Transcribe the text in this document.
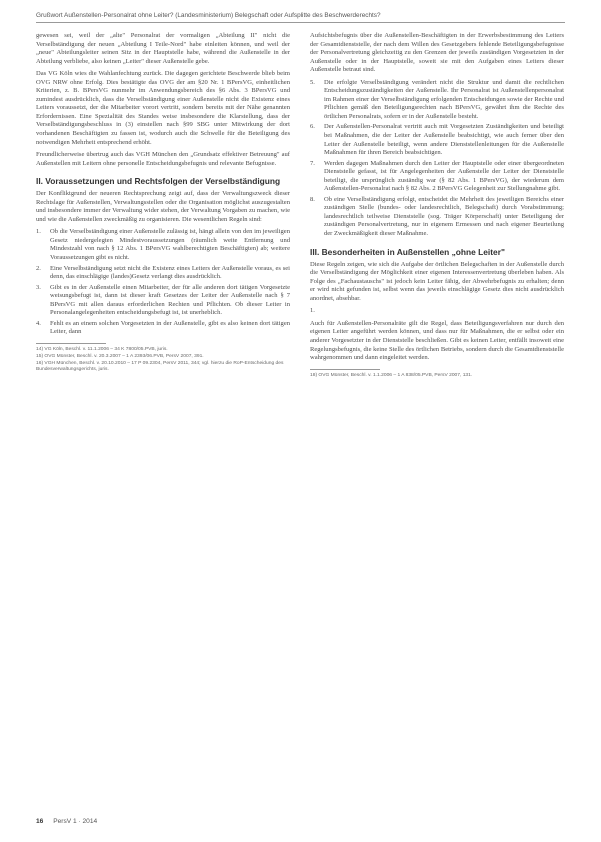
Grußwort Außenstellen-Personalrat ohne Leiter? (Landesministerium) Belegschaft oder Aufsplitte des Beschwerderechts?

gewesen sei, weil der „alte" Personalrat der vormaligen „Abteilung II" nicht die Verselbständigung der neuen „Abteilung I Teile-Nord" habe einleiten können, und weil der „neue" Abteilungsleiter seinen Sitz in der Hauptstelle habe, während die Außenstelle in der Abteilung verbliebe, also keinen „Leiter" dieser Außenstelle gebe.

Das VG Köln wies die Wahlanfechtung zurück. Die dagegen gerichtete Beschwerde blieb beim OVG NRW ohne Erfolg. Dies bestätigte das OVG der am §20 Nr. 1 BPersVG, einheitlichen Kriterien, z. B. BPersVG nunmehr im Anwendungsbereich des §6 Abs. 3 BPersVG und zumindest ausdrücklich, dass die Verselbständigung einer Außenstelle nicht die Existenz eines Leiters voraussetzt, der die Mitarbeiter vorort vertritt, sondern bereits mit der Nähe genannten Erfordernissen. Eine Spezialität des Standes weise insbesondere die Klarstellung, dass der Verselbständigungsbeschluss in (3) einstellen nach §99 SBG unter Mitwirkung der dort vorhandenen Beschäftigten zu fassen ist, wodurch auch die Schwelle für die Beteiligung des notwendigen Mehrheit entsprechend erhöht.

Freundlicherweise übertrug auch das VGH München den „Grundsatz effektiver Betreuung" auf Außenstellen mit Leitern ohne personelle Entscheidungsbefugnis und relevante Befugnisse.

II. Voraussetzungen und Rechtsfolgen der Verselbständigung

Der Konfliktgrund der neueren Rechtsprechung zeigt auf, dass der Verwaltungszweck dieser Rechtslage für Außenstellen, Verwaltungsstellen oder die Organisation möglichst auszugestalten und insbesondere immer der Verwaltung wider stehen, der Verwaltung Vorgaben zu machen, wie und wie die Außenstellen zweckmäßig zu organisieren. Die wesentlichen Regeln sind:

1.	Ob die Verselbständigung einer Außenstelle zulässig ist, hängt allein von den im jeweiligen Gesetz niedergelegten Mindestvoraussetzungen (räumlich weite Entfernung und Mindestzahl von nach § 12 Abs. 1 BPersVG wahlberechtigten Beschäftigten) ab; weitere Voraussetzungen gibt es nicht.
2.	Eine Verselbständigung setzt nicht die Existenz eines Leiters der Außenstelle voraus, es sei denn, das einschlägige (landes)Gesetz verlangt dies ausdrücklich.
3.	Gibt es in der Außenstelle einen Mitarbeiter, der für alle anderen dort tätigen Vorgesetzte weisungsbefugt ist, dann ist dieser kraft Gesetzes der Leiter der Außenstelle nach § 7 BPersVG mit allen daraus erforderlichen Rechten und Pflichten. Ob dieser Leiter in Personalangelegenheiten entscheidungsbefugt ist, ist unerheblich.
4.	Fehlt es an einem solchen Vorgesetzten in der Außenstelle, gibt es also keinen dort tätigen Leiter, dann

14) VG Köln, Beschl. v. 11.1.2006 – 34 K 7800/05.PVB, juris.

15) OVG Münster, Beschl. v. 20.3.2007 – 1 A 2393/06.PVB, PersV 2007, 391.

16) VGH München, Beschl. v. 20.10.2010 – 17 P 09.2304, PersV 2011, 344; vgl. hierzu die RoP-Entscheidung des Bundesverwaltungsgerichts, juris.

Aufsichtsbefugnis über die Außenstellen-Beschäftigten in der Erwerbsbestimmung des Leiters der Gesamtdienststelle, der nach dem Willen des Gesetzgebers fehlende Beteiligungsbefugnisse der Personalvertretung gleichzeitig zu den Grenzen der jeweils zuständigen Vorgesetzten in der Außenstelle oder in der Hauptstelle, soweit sie mit den Aufgaben eines Leiters dieser Außenstelle betraut sind.

5.	Die erfolgte Verselbständigung verändert nicht die Struktur und damit die rechtlichen Entscheidungszuständigkeiten der Außenstelle. Ihr Personalrat ist Außenstellenpersonalrat im Rahmen einer der Verselbständigung erfolgenden Entscheidungen sowie der Rechte und Pflichten gemäß den Beteiligungsrechten nach BPersVG, gewährt ihm die Rechte des örtlichen Personalrats, sofern er in der Außenstelle besteht.
6.	Der Außenstellen-Personalrat vertritt auch mit Vorgesetzten Zuständigkeiten und beteiligt bei Maßnahmen, die der Leiter der Außenstelle beabsichtigt, wie auch ferner über den Leiter der Außenstelle beteiligt, wenn andere Dienststellenleitungen für die Außenstelle Maßnahmen für ihren Bereich beabsichtigen.
7.	Werden dagegen Maßnahmen durch den Leiter der Hauptstelle oder einer übergeordneten Dienststelle gefasst, ist für Angelegenheiten der Außenstelle der Leiter der Dienststelle beteiligt, die ursprünglich zuständig war (§ 82 Abs. 1 BPersVG), der wiederum dem Außenstellen-Personalrat nach § 82 Abs. 2 BPersVG Gelegenheit zur Stellungnahme gibt.
8.	Ob eine Verselbständigung erfolgt, entscheidet die Mehrheit des jeweiligen Bereichs einer zuständigen Stelle (bundes- oder landesrechtlich, Belegschaft) durch Vorabstimmung; landesrechtlich teilweise Dienststelle (sog. Träger Körperschaft) unter Beteiligung der zuständigen Personalvertretung, nur in eigenem Ermessen und nach eigener Beurteilung der Zweckmäßigkeit dieser Maßnahme.
III. Besonderheiten in Außenstellen „ohne Leiter"

Diese Regeln zeigen, wie sich die Aufgabe der örtlichen Belegschaften in der Außenstelle durch die Verselbständigung der Möglichkeit einer eigenen Interessenvertretung überleben haben. Als Folge des „Fachaustauschs" ist jedoch kein Leiter fähig, der Abwehrbefugnis zu erhalten; denn er wird nicht gefunden ist, selbst wenn das jeweils einschlägige Gesetz dies nicht ausdrücklich anordnet, absehbar.

1.

Auch für Außenstellen-Personalräte gilt die Regel, dass Beteiligungsverfahren nur durch den eigenen Leiter angeführt werden können, und dass nur für Maßnahmen, die er selbst oder ein anderer Vorgesetzter in der Dienststelle beschließen. Gibt es keinen Leiter, entfällt insoweit eine Regelungsbefugnis, die keine Stelle des örtlichen Betriebs, sondern durch die Gesamtdienststelle wahrgenommen und dann eingeleitet werden.

18) OVG Münster, Beschl. v. 1.1.2006 – 1 A 838/05.PVB, PersV 2007, 131.

16 PersV 1 · 2014
